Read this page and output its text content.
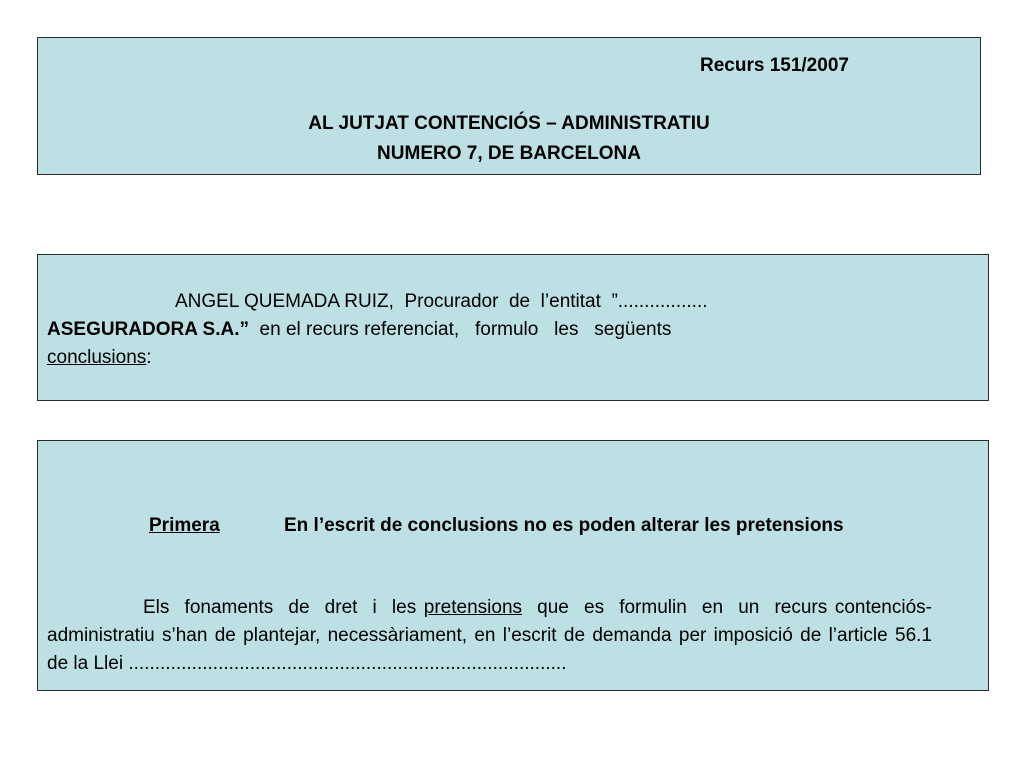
Recurs 151/2007
AL JUTJAT CONTENCIÓS – ADMINISTRATIU
NUMERO 7, DE BARCELONA
ANGEL QUEMADA RUIZ,  Procurador  de  l’entitat  ”.................
ASEGURADORA S.A.”  en el recurs referenciat,   formulo   les   següents
conclusions:
Primera	En l’escrit de conclusions no es poden alterar les pretensions
Els  fonaments  de  dret  i  les pretensions  que  es  formulin  en  un  recurs contenciós-administratiu s’han de plantejar, necessàriament, en l’escrit de demanda per imposició de l’article 56.1 de la Llei ...................................................................................
